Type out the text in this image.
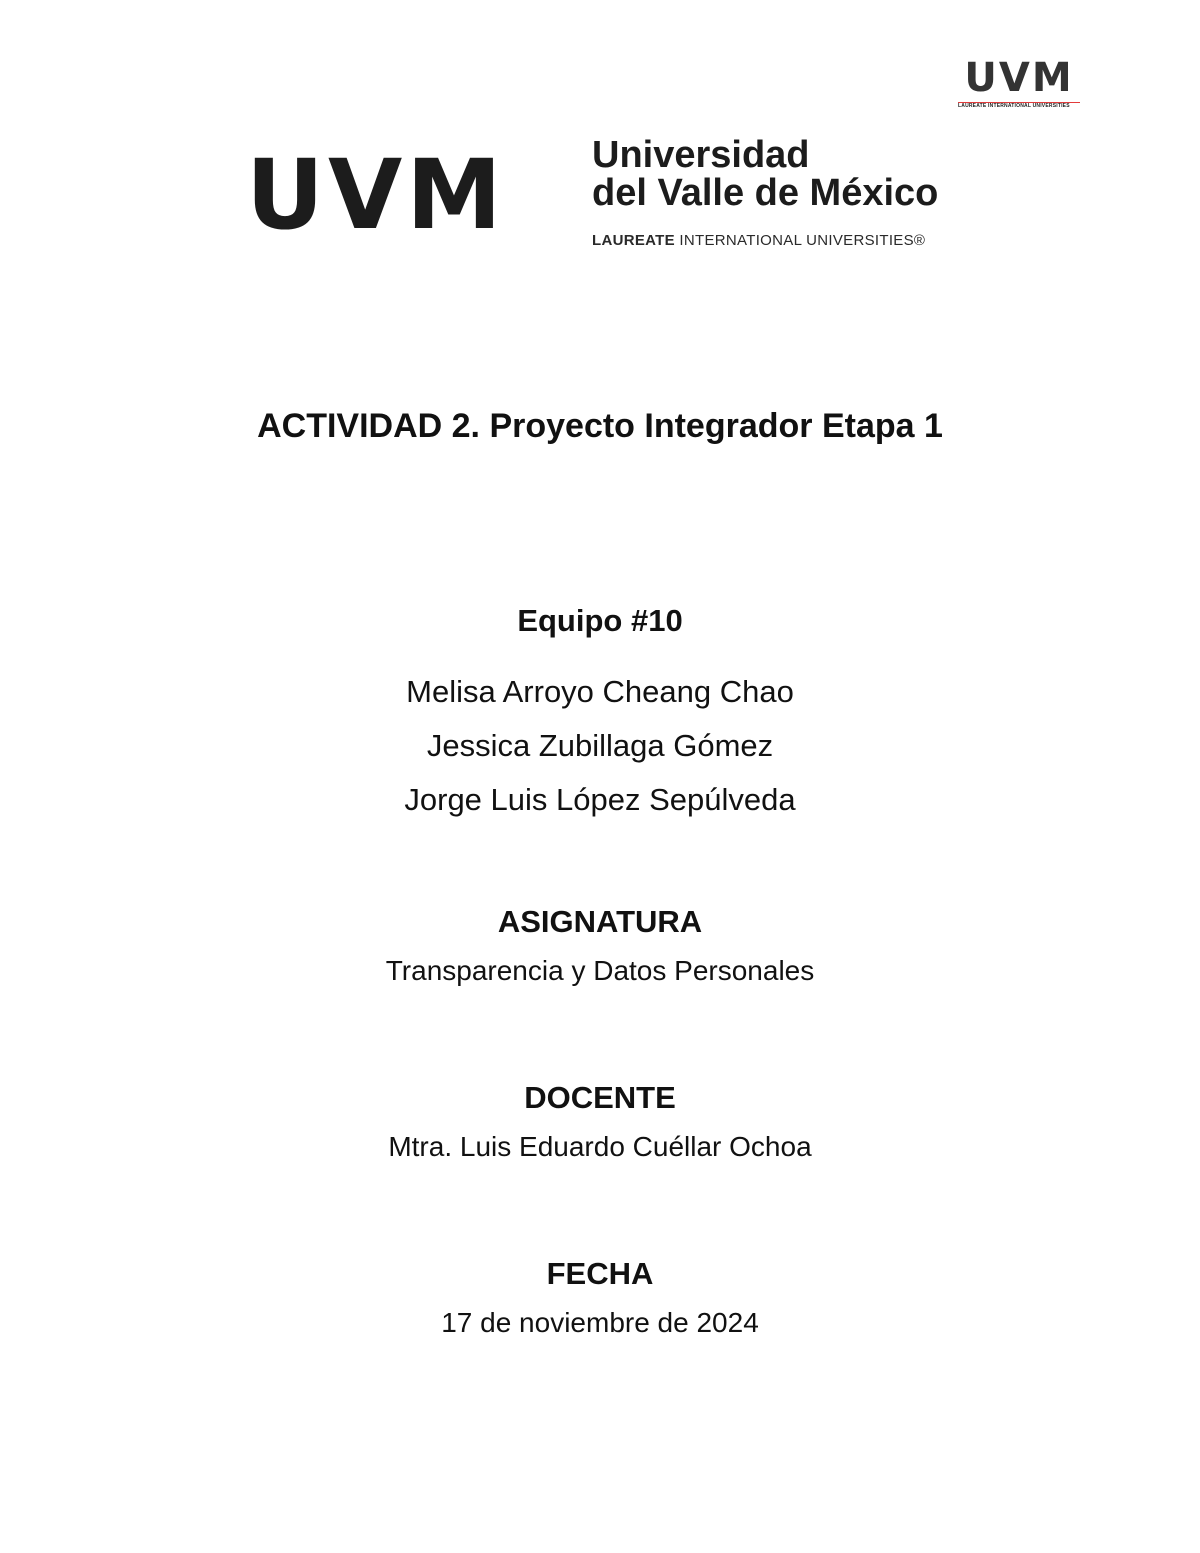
UVM
LAUREATE INTERNATIONAL UNIVERSITIES
UVM Universidad
del Valle de México
LAUREATE INTERNATIONAL UNIVERSITIES®
ACTIVIDAD 2. Proyecto Integrador Etapa 1
Equipo #10
Melisa Arroyo Cheang Chao
Jessica Zubillaga Gómez
Jorge Luis López Sepúlveda
ASIGNATURA
Transparencia y Datos Personales
DOCENTE
Mtra. Luis Eduardo Cuéllar Ochoa
FECHA
17 de noviembre de 2024
